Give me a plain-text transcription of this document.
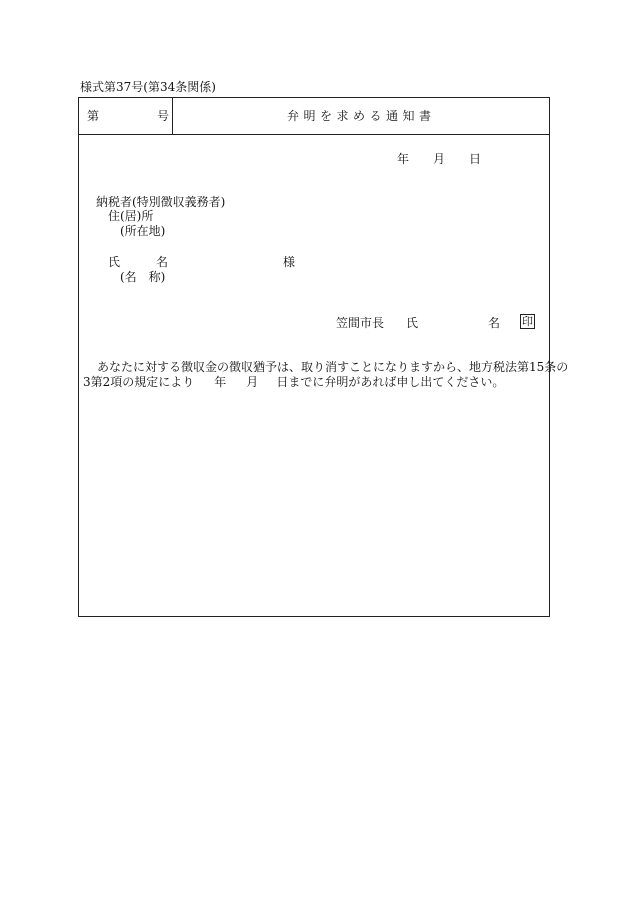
様式第37号(第34条関係)
第	号	弁明を求める通知書
年 月 日
納税者(特別徴収義務者)
住(居)所
(所在地)
氏	名	様
(名　称)
笠間市長 氏	名 印
あなたに対する徴収金の徴収猶予は、取り消すことになりますから、地方税法第15条の
3第2項の規定により 年 月 日までに弁明があれば申し出てください。
